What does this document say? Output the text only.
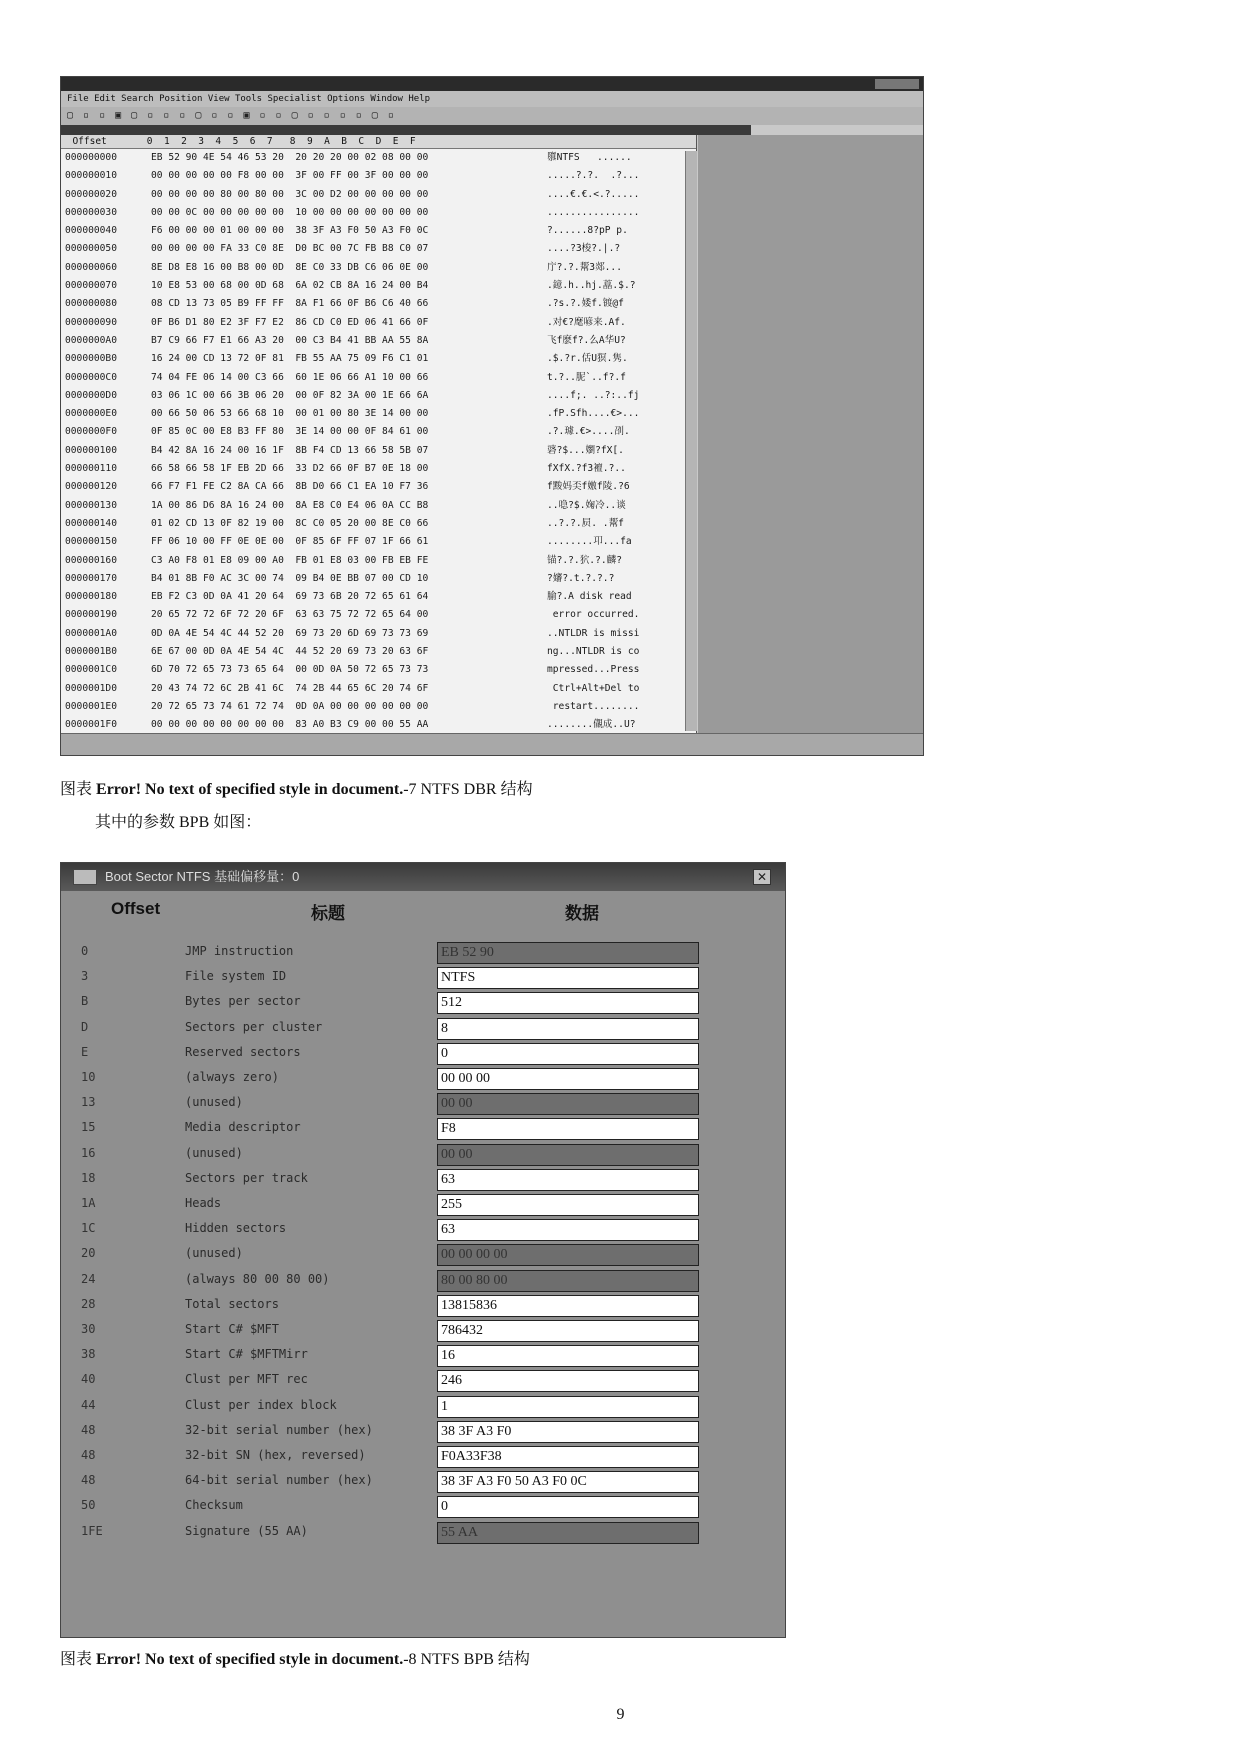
File Edit Search Position View Tools Specialist Options Window Help
▢ ▫ ▫ ▣ ▢ ▫ ▫ ▫ ▢ ▫ ▫ ▣ ▫ ▫ ▢ ▫ ▫ ▫ ▫ ▢ ▫
Offset       0  1  2  3  4  5  6  7   8  9  A  B  C  D  E  F
000000000	EB 52 90 4E 54 46 53 20  20 20 20 00 02 08 00 00	隳NTFS   ......
000000010	00 00 00 00 00 F8 00 00  3F 00 FF 00 3F 00 00 00	.....?.?.  .?...
000000020	00 00 00 00 80 00 80 00  3C 00 D2 00 00 00 00 00	....€.€.<.?.....
000000030	00 00 0C 00 00 00 00 00  10 00 00 00 00 00 00 00	................
000000040	F6 00 00 00 01 00 00 00  38 3F A3 F0 50 A3 F0 0C	?......8?pP p.
000000050	00 00 00 00 FA 33 C0 8E  D0 BC 00 7C FB B8 C0 07	....?3梭?.|.?
000000060	8E D8 E8 16 00 B8 00 0D  8E C0 33 DB C6 06 0E 00	庁?.?.幚3郯...
000000070	10 E8 53 00 68 00 0D 68  6A 02 CB 8A 16 24 00 B4	.鐿.h..hj.藠.$.?
000000080	08 CD 13 73 05 B9 FF FF  8A F1 66 0F B6 C6 40 66	.?s.?.婑f.镀@f
000000090	0F B6 D1 80 E2 3F F7 E2  86 CD C0 ED 06 41 66 0F	.对€?麾喭来.Af.
0000000A0	B7 C9 66 F7 E1 66 A3 20  00 C3 B4 41 BB AA 55 8A	飞f麽f?.么A华U?
0000000B0	16 24 00 CD 13 72 0F 81  FB 55 AA 75 09 F6 C1 01	.$.?r.佸U猽.隽.
0000000C0	74 04 FE 06 14 00 C3 66  60 1E 06 66 A1 10 00 66	t.?..胒`..f?.f
0000000D0	03 06 1C 00 66 3B 06 20  00 0F 82 3A 00 1E 66 6A	....f;. ..?:..fj
0000000E0	00 66 50 06 53 66 68 10  00 01 00 80 3E 14 00 00	.fP.Sfh....€>...
0000000F0	0F 85 0C 00 E8 B3 FF 80  3E 14 00 00 0F 84 61 00	.?.璩.€>....刟.
000000100	B4 42 8A 16 24 00 16 1F  8B F4 CD 13 66 58 5B 07	碆?$...嬼?fX[.
000000110	66 58 66 58 1F EB 2D 66  33 D2 66 0F B7 0E 18 00	fXfX.?f3襢.?..
000000120	66 F7 F1 FE C2 8A CA 66  8B D0 66 C1 EA 10 F7 36	f黢妈奀f嬓f陵.?6
000000130	1A 00 86 D6 8A 16 24 00  8A E8 C0 E4 06 0A CC B8	..喼?$.婅冷..谈
000000140	01 02 CD 13 0F 82 19 00  8C C0 05 20 00 8E C0 66	..?.?.屃. .幚f
000000150	FF 06 10 00 FF 0E 0E 00  0F 85 6F FF 07 1F 66 61	........卭...fa
000000160	C3 A0 F8 01 E8 09 00 A0  FB 01 E8 03 00 FB EB FE	锚?.?.狖.?.麟?
000000170	B4 01 8B F0 AC 3C 00 74  09 B4 0E BB 07 00 CD 10	?嬸?.t.?.?.?
000000180	EB F2 C3 0D 0A 41 20 64  69 73 6B 20 72 65 61 64	腧?.A disk read
000000190	20 65 72 72 6F 72 20 6F  63 63 75 72 72 65 64 00	error occurred.
0000001A0	0D 0A 4E 54 4C 44 52 20  69 73 20 6D 69 73 73 69	..NTLDR is missi
0000001B0	6E 67 00 0D 0A 4E 54 4C  44 52 20 69 73 20 63 6F	ng...NTLDR is co
0000001C0	6D 70 72 65 73 73 65 64  00 0D 0A 50 72 65 73 73	mpressed...Press
0000001D0	20 43 74 72 6C 2B 41 6C  74 2B 44 65 6C 20 74 6F	Ctrl+Alt+Del to
0000001E0	20 72 65 73 74 61 72 74  0D 0A 00 00 00 00 00 00	restart........
0000001F0	00 00 00 00 00 00 00 00  83 A0 B3 C9 00 00 55 AA	........儬成..U?
图表 Error! No text of specified style in document.-7 NTFS DBR 结构
其中的参数 BPB 如图：
Boot Sector NTFS 基础偏移量：0	✕
Offset	标题	数据
0	JMP instruction	EB 52 90
3	File system ID	NTFS
B	Bytes per sector	512
D	Sectors per cluster	8
E	Reserved sectors	0
10	(always zero)	00 00 00
13	(unused)	00 00
15	Media descriptor	F8
16	(unused)	00 00
18	Sectors per track	63
1A	Heads	255
1C	Hidden sectors	63
20	(unused)	00 00 00 00
24	(always 80 00 80 00)	80 00 80 00
28	Total sectors	13815836
30	Start C# $MFT	786432
38	Start C# $MFTMirr	16
40	Clust per MFT rec	246
44	Clust per index block	1
48	32-bit serial number (hex)	38 3F A3 F0
48	32-bit SN (hex, reversed)	F0A33F38
48	64-bit serial number (hex)	38 3F A3 F0 50 A3 F0 0C
50	Checksum	0
1FE	Signature (55 AA)	55 AA
图表 Error! No text of specified style in document.-8 NTFS BPB 结构
9
